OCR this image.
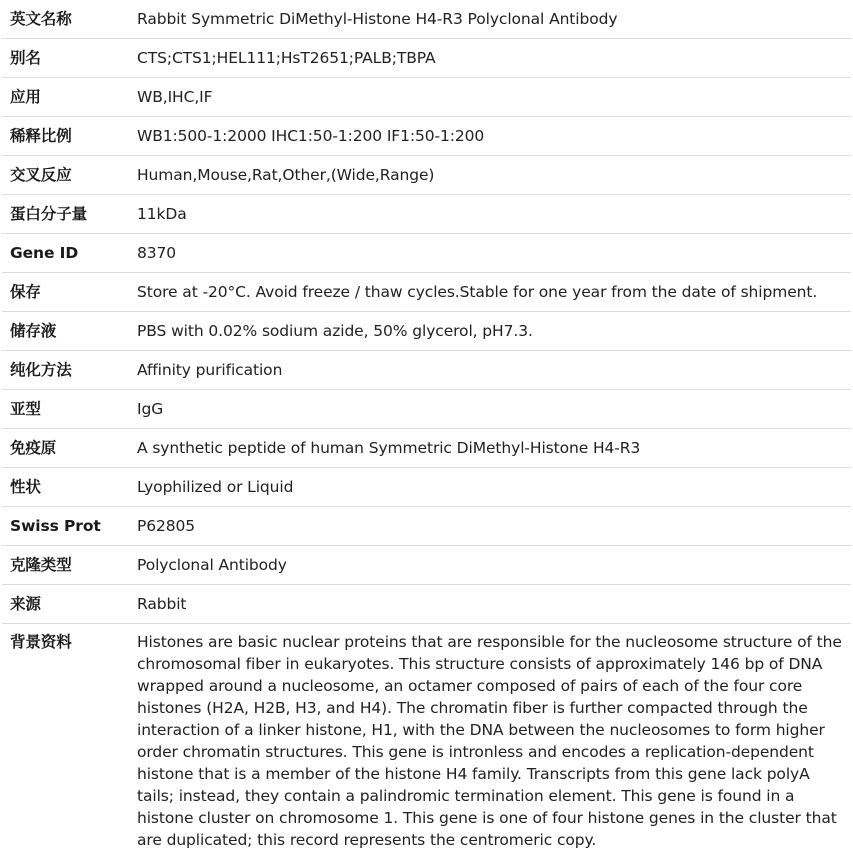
英文名称	Rabbit Symmetric DiMethyl-Histone H4-R3 Polyclonal Antibody
别名	CTS;CTS1;HEL111;HsT2651;PALB;TBPA
应用	WB,IHC,IF
稀释比例	WB1:500-1:2000 IHC1:50-1:200 IF1:50-1:200
交叉反应	Human,Mouse,Rat,Other,(Wide,Range)
蛋白分子量	11kDa
Gene ID	8370
保存	Store at -20°C. Avoid freeze / thaw cycles.Stable for one year from the date of shipment.
储存液	PBS with 0.02% sodium azide, 50% glycerol, pH7.3.
纯化方法	Affinity purification
亚型	IgG
免疫原	A synthetic peptide of human Symmetric DiMethyl-Histone H4-R3
性状	Lyophilized or Liquid
Swiss Prot	P62805
克隆类型	Polyclonal Antibody
来源	Rabbit
背景资料	Histones are basic nuclear proteins that are responsible for the nucleosome structure of the chromosomal fiber in eukaryotes. This structure consists of approximately 146 bp of DNA wrapped around a nucleosome, an octamer composed of pairs of each of the four core histones (H2A, H2B, H3, and H4). The chromatin fiber is further compacted through the interaction of a linker histone, H1, with the DNA between the nucleosomes to form higher order chromatin structures. This gene is intronless and encodes a replication-dependent histone that is a member of the histone H4 family. Transcripts from this gene lack polyA tails; instead, they contain a palindromic termination element. This gene is found in a histone cluster on chromosome 1. This gene is one of four histone genes in the cluster that are duplicated; this record represents the centromeric copy.
